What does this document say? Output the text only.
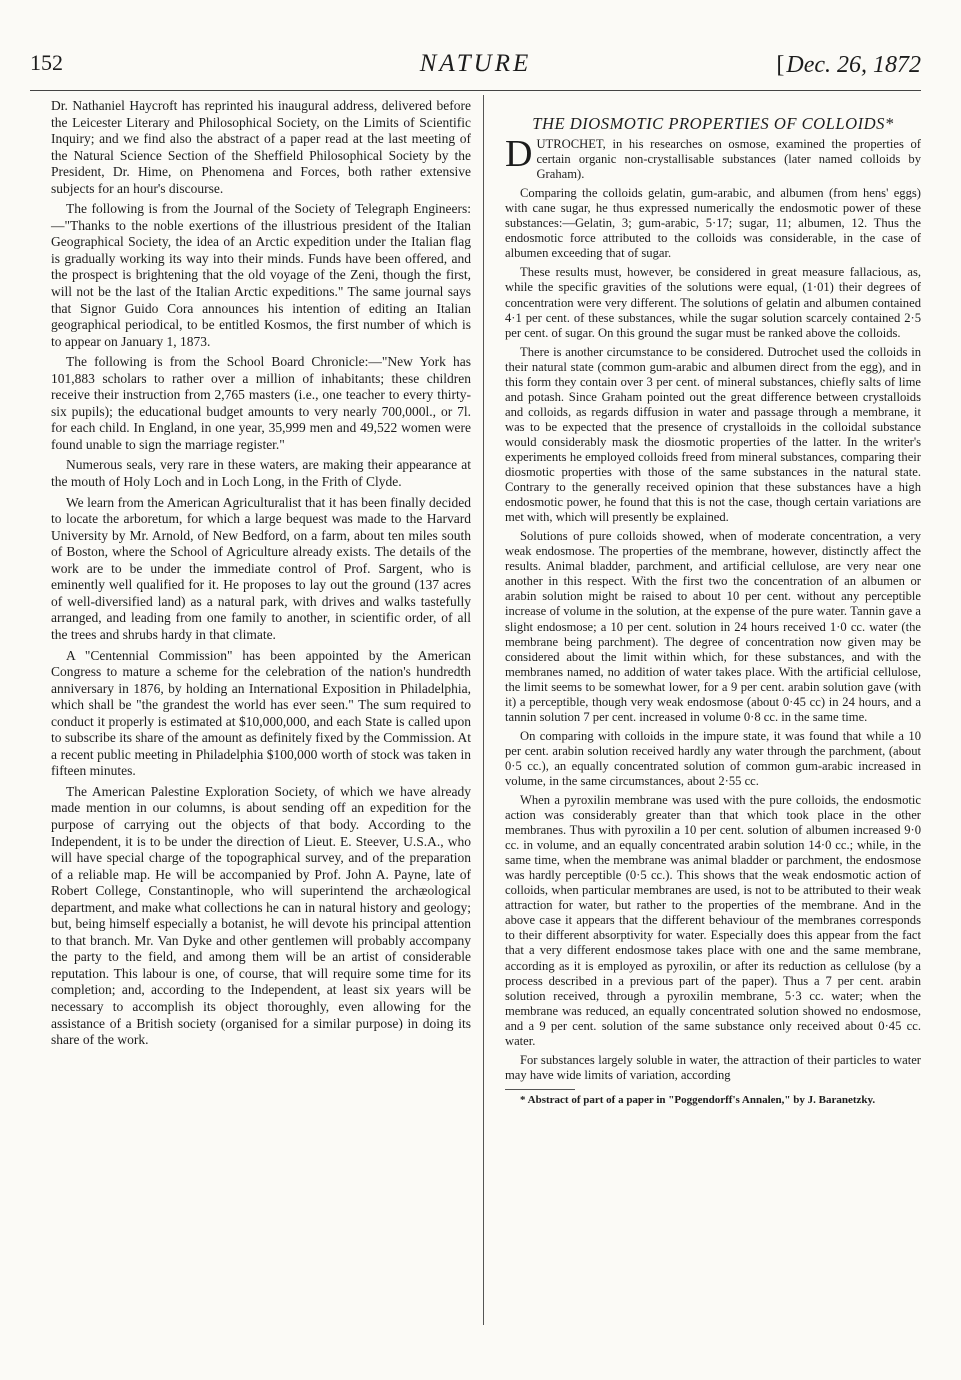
152	NATURE
[	Dec. 26, 1872

Dr. Nathaniel Haycroft has reprinted his inaugural address, delivered before the Leicester Literary and Philosophical Society, on the Limits of Scientific Inquiry; and we find also the abstract of a paper read at the last meeting of the Natural Science Section of the Sheffield Philosophical Society by the President, Dr. Hime, on Phenomena and Forces, both rather extensive subjects for an hour's discourse.

The following is from the Journal of the Society of Telegraph Engineers:—"Thanks to the noble exertions of the illustrious president of the Italian Geographical Society, the idea of an Arctic expedition under the Italian flag is gradually working its way into their minds. Funds have been offered, and the prospect is brightening that the old voyage of the Zeni, though the first, will not be the last of the Italian Arctic expeditions." The same journal says that Signor Guido Cora announces his intention of editing an Italian geographical periodical, to be entitled Kosmos, the first number of which is to appear on January 1, 1873.

The following is from the School Board Chronicle:—"New York has 101,883 scholars to rather over a million of inhabitants; these children receive their instruction from 2,765 masters (i.e., one teacher to every thirty-six pupils); the educational budget amounts to very nearly 700,000l., or 7l. for each child. In England, in one year, 35,999 men and 49,522 women were found unable to sign the marriage register."

Numerous seals, very rare in these waters, are making their appearance at the mouth of Holy Loch and in Loch Long, in the Frith of Clyde.

We learn from the American Agriculturalist that it has been finally decided to locate the arboretum, for which a large bequest was made to the Harvard University by Mr. Arnold, of New Bedford, on a farm, about ten miles south of Boston, where the School of Agriculture already exists. The details of the work are to be under the immediate control of Prof. Sargent, who is eminently well qualified for it. He proposes to lay out the ground (137 acres of well-diversified land) as a natural park, with drives and walks tastefully arranged, and leading from one family to another, in scientific order, of all the trees and shrubs hardy in that climate.

A "Centennial Commission" has been appointed by the American Congress to mature a scheme for the celebration of the nation's hundredth anniversary in 1876, by holding an International Exposition in Philadelphia, which shall be "the grandest the world has ever seen." The sum required to conduct it properly is estimated at $10,000,000, and each State is called upon to subscribe its share of the amount as definitely fixed by the Commission. At a recent public meeting in Philadelphia $100,000 worth of stock was taken in fifteen minutes.

The American Palestine Exploration Society, of which we have already made mention in our columns, is about sending off an expedition for the purpose of carrying out the objects of that body. According to the Independent, it is to be under the direction of Lieut. E. Steever, U.S.A., who will have special charge of the topographical survey, and of the preparation of a reliable map. He will be accompanied by Prof. John A. Payne, late of Robert College, Constantinople, who will superintend the archæological department, and make what collections he can in natural history and geology; but, being himself especially a botanist, he will devote his principal attention to that branch. Mr. Van Dyke and other gentlemen will probably accompany the party to the field, and among them will be an artist of considerable reputation. This labour is one, of course, that will require some time for its completion; and, according to the Independent, at least six years will be necessary to accomplish its object thoroughly, even allowing for the assistance of a British society (organised for a similar purpose) in doing its share of the work.

THE DIOSMOTIC PROPERTIES OF COLLOIDS*

DUTROCHET, in his researches on osmose, examined the properties of certain organic non-crystallisable substances (later named colloids by Graham).

Comparing the colloids gelatin, gum-arabic, and albumen (from hens' eggs) with cane sugar, he thus expressed numerically the endosmotic power of these substances:—Gelatin, 3; gum-arabic, 5·17; sugar, 11; albumen, 12. Thus the endosmotic force attributed to the colloids was considerable, in the case of albumen exceeding that of sugar.

These results must, however, be considered in great measure fallacious, as, while the specific gravities of the solutions were equal, (1·01) their degrees of concentration were very different. The solutions of gelatin and albumen contained 4·1 per cent. of these substances, while the sugar solution scarcely contained 2·5 per cent. of sugar. On this ground the sugar must be ranked above the colloids.

There is another circumstance to be considered. Dutrochet used the colloids in their natural state (common gum-arabic and albumen direct from the egg), and in this form they contain over 3 per cent. of mineral substances, chiefly salts of lime and potash. Since Graham pointed out the great difference between crystalloids and colloids, as regards diffusion in water and passage through a membrane, it was to be expected that the presence of crystalloids in the colloidal substance would considerably mask the diosmotic properties of the latter. In the writer's experiments he employed colloids freed from mineral substances, comparing their diosmotic properties with those of the same substances in the natural state. Contrary to the generally received opinion that these substances have a high endosmotic power, he found that this is not the case, though certain variations are met with, which will presently be explained.

Solutions of pure colloids showed, when of moderate concentration, a very weak endosmose. The properties of the membrane, however, distinctly affect the results. Animal bladder, parchment, and artificial cellulose, are very near one another in this respect. With the first two the concentration of an albumen or arabin solution might be raised to about 10 per cent. without any perceptible increase of volume in the solution, at the expense of the pure water. Tannin gave a slight endosmose; a 10 per cent. solution in 24 hours received 1·0 cc. water (the membrane being parchment). The degree of concentration now given may be considered about the limit within which, for these substances, and with the membranes named, no addition of water takes place. With the artificial cellulose, the limit seems to be somewhat lower, for a 9 per cent. arabin solution gave (with it) a perceptible, though very weak endosmose (about 0·45 cc) in 24 hours, and a tannin solution 7 per cent. increased in volume 0·8 cc. in the same time.

On comparing with colloids in the impure state, it was found that while a 10 per cent. arabin solution received hardly any water through the parchment, (about 0·5 cc.), an equally concentrated solution of common gum-arabic increased in volume, in the same circumstances, about 2·55 cc.

When a pyroxilin membrane was used with the pure colloids, the endosmotic action was considerably greater than that which took place in the other membranes. Thus with pyroxilin a 10 per cent. solution of albumen increased 9·0 cc. in volume, and an equally concentrated arabin solution 14·0 cc.; while, in the same time, when the membrane was animal bladder or parchment, the endosmose was hardly perceptible (0·5 cc.). This shows that the weak endosmotic action of colloids, when particular membranes are used, is not to be attributed to their weak attraction for water, but rather to the properties of the membrane. And in the above case it appears that the different behaviour of the membranes corresponds to their different absorptivity for water. Especially does this appear from the fact that a very different endosmose takes place with one and the same membrane, according as it is employed as pyroxilin, or after its reduction as cellulose (by a process described in a previous part of the paper). Thus a 7 per cent. arabin solution received, through a pyroxilin membrane, 5·3 cc. water; when the membrane was reduced, an equally concentrated solution showed no endosmose, and a 9 per cent. solution of the same substance only received about 0·45 cc. water.

For substances largely soluble in water, the attraction of their particles to water may have wide limits of variation, according

* Abstract of part of a paper in "Poggendorff's Annalen," by J. Baranetzky.
